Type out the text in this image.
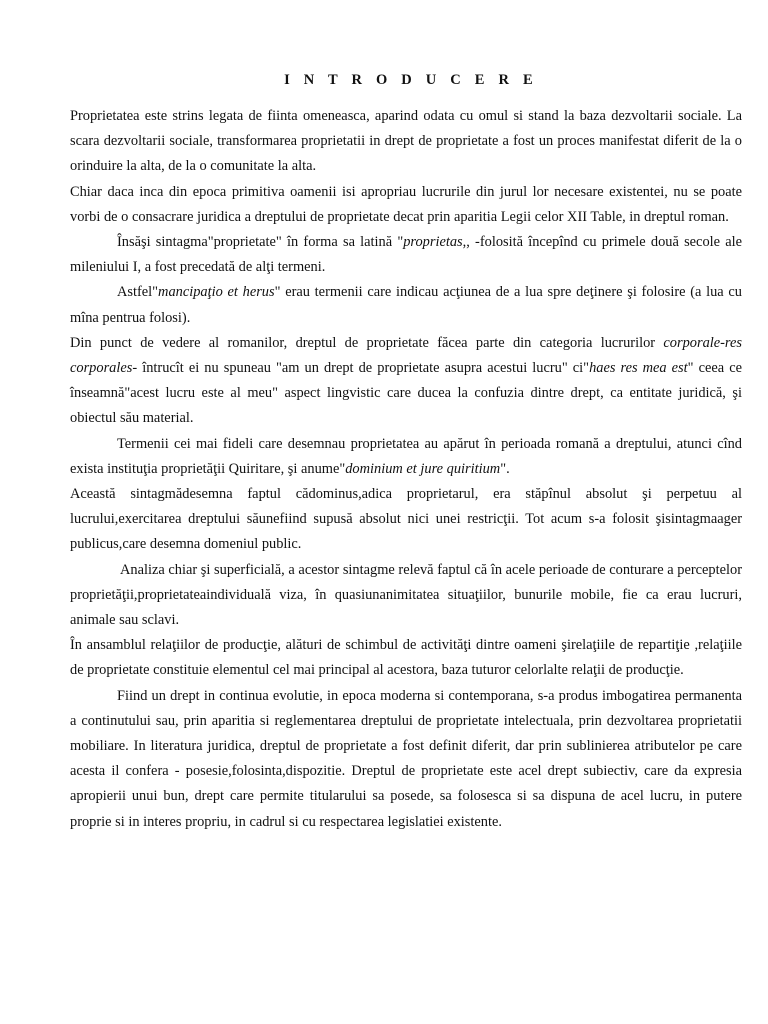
I N T R O D U C E R E

Proprietatea este strins legata de fiinta omeneasca, aparind odata cu omul si stand la baza dezvoltarii sociale. La scara dezvoltarii sociale, transformarea proprietatii in drept de proprietate a fost un proces manifestat diferit de la o orinduire la alta, de la o comunitate la alta.

Chiar daca inca din epoca primitiva oamenii isi apropriau lucrurile din jurul lor necesare existentei, nu se poate vorbi de o consacrare juridica a dreptului de proprietate decat prin aparitia Legii celor XII Table, in dreptul roman.

Însăşi sintagma"proprietate" în forma sa latină "proprietas,, -folosită începînd cu primele două secole ale mileniului I, a fost precedată de alţi termeni.

Astfel"mancipaţio et herus" erau termenii care indicau acţiunea de a lua spre deţinere şi folosire (a lua cu mîna pentrua folosi).

Din punct de vedere al romanilor, dreptul de proprietate făcea parte din categoria lucrurilor corporale-res corporales- întrucît ei nu spuneau "am un drept de proprietate asupra acestui lucru" ci"haes res mea est" ceea ce înseamnă"acest lucru este al meu" aspect lingvistic care ducea la confuzia dintre drept, ca entitate juridică, şi obiectul său material.

Termenii cei mai fideli care desemnau proprietatea au apărut în perioada romană a dreptului, atunci cînd exista instituţia proprietăţii Quiritare, şi anume"dominium et jure quiritium".

Această sintagmădesemna faptul cădominus,adica proprietarul, era stăpînul absolut şi perpetuu al lucrului,exercitarea dreptului săunefiind supusă absolut nici unei restricţii. Tot acum s-a folosit şisintagmaager publicus,care desemna domeniul public.

Analiza chiar şi superficială, a acestor sintagme relevă faptul că în acele perioade de conturare a perceptelor proprietăţii,proprietateaindividuală viza, în quasiunanimitatea situaţiilor, bunurile mobile, fie ca erau lucruri, animale sau sclavi.

În ansamblul relaţiilor de producţie, alături de schimbul de activităţi dintre oameni şirelaţiile de repartiţie ,relaţiile de proprietate constituie elementul cel mai principal al acestora, baza tuturor celorlalte relaţii de producţie.

Fiind un drept in continua evolutie, in epoca moderna si contemporana, s-a produs imbogatirea permanenta a continutului sau, prin aparitia si reglementarea dreptului de proprietate intelectuala, prin dezvoltarea proprietatii mobiliare. In literatura juridica, dreptul de proprietate a fost definit diferit, dar prin sublinierea atributelor pe care acesta il confera - posesie,folosinta,dispozitie. Dreptul de proprietate este acel drept subiectiv, care da expresia apropierii unui bun, drept care permite titularului sa posede, sa folosesca si sa dispuna de acel lucru, in putere proprie si in interes propriu, in cadrul si cu respectarea legislatiei existente.
